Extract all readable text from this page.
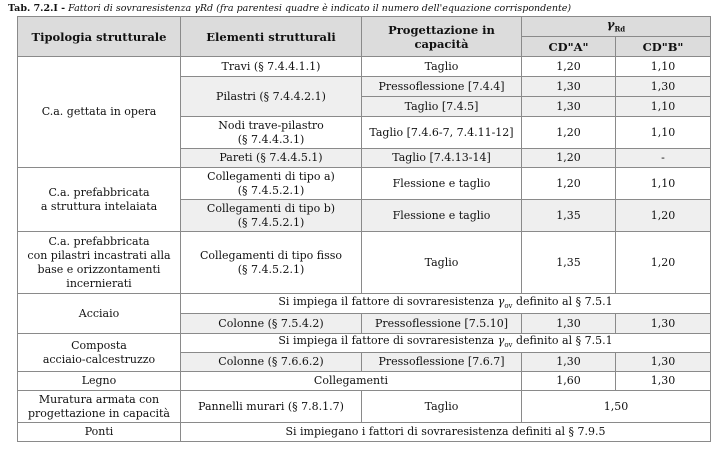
Tab. 7.2.I - Fattori di sovraresistenza γRd (fra parentesi quadre è indicato il numero dell'equazione corrispondente)
Tipologia strutturale	Elementi strutturali	Progettazione in capacità	$\gamma_{Rd}$
			CD"A"	CD"B"
C.a. gettata in opera	Travi (§ 7.4.4.1.1)	Taglio	1,20	1,10
	Pilastri (§ 7.4.4.2.1)	Pressoflessione [7.4.4]	1,30	1,30
		Taglio [7.4.5]	1,30	1,10
	Nodi trave-pilastro
(§ 7.4.4.3.1)	Taglio [7.4.6-7, 7.4.11-12]	1,20	1,10
	Pareti (§ 7.4.4.5.1)	Taglio [7.4.13-14]	1,20	-
C.a. prefabbricata
a struttura intelaiata	Collegamenti di tipo a)
(§ 7.4.5.2.1)	Flessione e taglio	1,20	1,10
	Collegamenti di tipo b)
(§ 7.4.5.2.1)	Flessione e taglio	1,35	1,20
C.a. prefabbricata
con pilastri incastrati alla
base e orizzontamenti
incernierati	Collegamenti di tipo fisso
(§ 7.4.5.2.1)	Taglio	1,35	1,20
Acciaio	Si impiega il fattore di sovraresistenza $\gamma_{ov}$ definito al § 7.5.1			
	Colonne (§ 7.5.4.2)	Pressoflessione [7.5.10]	1,30	1,30
Composta
acciaio-calcestruzzo	Si impiega il fattore di sovraresistenza $\gamma_{ov}$ definito al § 7.5.1			
	Colonne (§ 7.6.6.2)	Pressoflessione [7.6.7]	1,30	1,30
Legno	Collegamenti		1,60	1,30
Muratura armata con
progettazione in capacità	Pannelli murari (§ 7.8.1.7)	Taglio	1,50	
Ponti	Si impiegano i fattori di sovraresistenza definiti al § 7.9.5			
